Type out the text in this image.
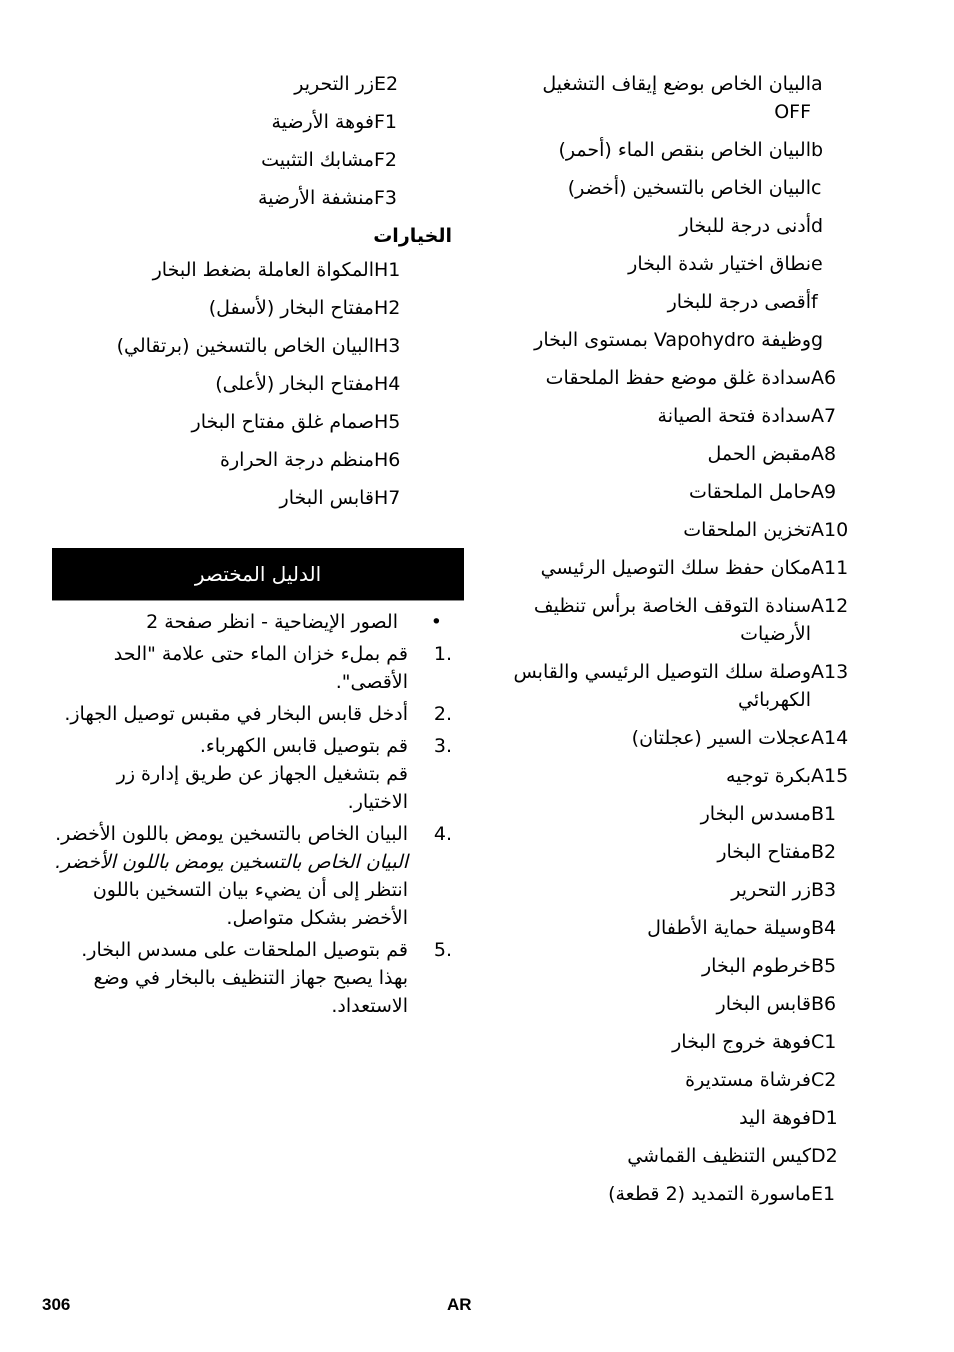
a
البيان الخاص بوضع إيقاف التشغيل OFF
b
البيان الخاص بنقص الماء (أحمر)
c
البيان الخاص بالتسخين (أخضر)
d
أدنى درجة للبخار
e
نطاق اختيار شدة البخار
f
أقصى درجة للبخار
g
وظيفة Vapohydro بمستوى البخار
A6
سدادة غلق موضع حفظ الملحقات
A7
سدادة فتحة الصيانة
A8
مقبض الحمل
A9
حامل الملحقات
A10
تخزين الملحقات
A11
مكان حفظ سلك التوصيل الرئيسي
A12
سنادة التوقف الخاصة برأس تنظيف الأرضيات
A13
وصلة سلك التوصيل الرئيسي والقابس الكهربائي
A14
عجلات السير (عجلتان)
A15
بكرة توجيه
B1
مسدس البخار
B2
مفتاح البخار
B3
زر التحرير
B4
وسيلة حماية الأطفال
B5
خرطوم البخار
B6
قابس البخار
C1
فوهة خروج البخار
C2
فرشاة مستديرة
D1
فوهة اليد
D2
كيس التنظيف القماشي
E1
ماسورة التمديد (2 قطعة)
E2
زر التحرير
F1
فوهة الأرضية
F2
مشابك التثبيت
F3
منشفة الأرضية
الخيارات
H1
المكواة العاملة بضغط البخار
H2
مفتاح البخار (لأسفل)
H3
البيان الخاص بالتسخين (برتقالي)
H4
مفتاح البخار (لأعلى)
H5
صمام غلق مفتاح البخار
H6
منظم درجة الحرارة
H7
قابس البخار
الدليل المختصر
•
الصور الإيضاحية - انظر صفحة 2
1.

قم بملء خزان الماء حتى علامة "الحد الأقصى".

2.

أدخل قابس البخار في مقبس توصيل الجهاز.

3.

قم بتوصيل قابس الكهرباء.

قم بتشغيل الجهاز عن طريق إدارة زر الاختيار.

4.

البيان الخاص بالتسخين يومض باللون الأخضر.

البيان الخاص بالتسخين يومض باللون الأخضر.

انتظر إلى أن يضيء بيان التسخين باللون الأخضر بشكل متواصل.

5.

قم بتوصيل الملحقات على مسدس البخار.

بهذا يصبح جهاز التنظيف بالبخار في وضع الاستعداد.

306	AR
